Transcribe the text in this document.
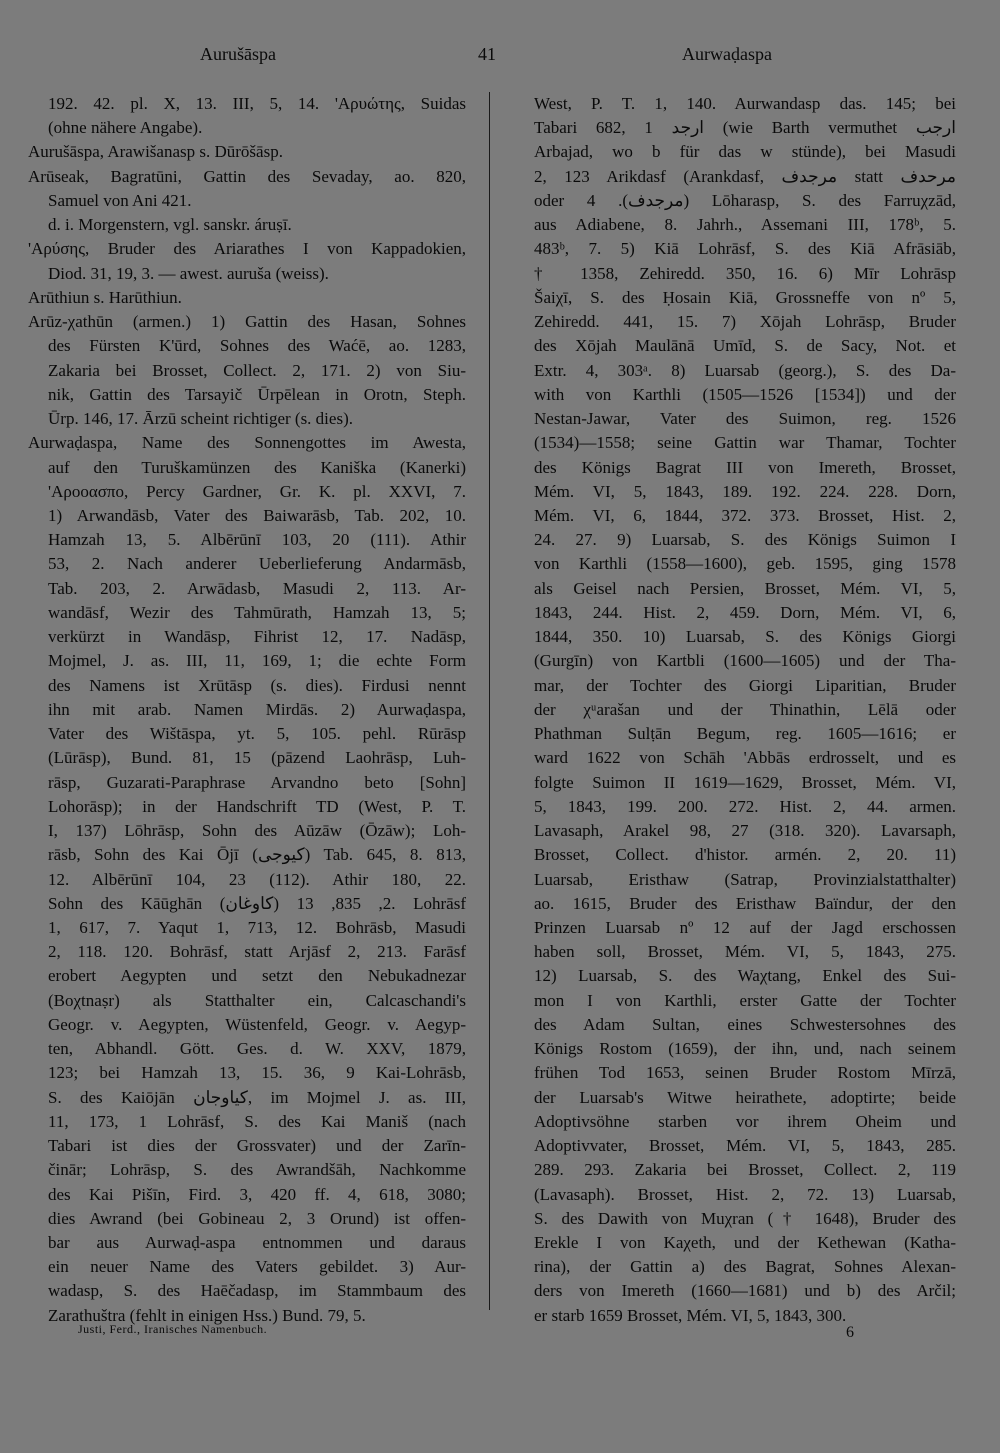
Aurušāspa	41	Aurwaḍaspa
192. 42. pl. X, 13. III, 5, 14. 'Αρυώτης, Suidas
(ohne nähere Angabe).
Aurušāspa, Arawišanasp s. Dūrōšāsp.
Arūseak, Bagratūni, Gattin des Sevaday, ao. 820,
Samuel von Ani 421.
d. i. Morgenstern, vgl. sanskr. áruṣī.
'Αρύσης, Bruder des Ariarathes I von Kappadokien,
Diod. 31, 19, 3. — awest. auruša (weiss).
Arūthiun s. Harūthiun.
Arūz-χathūn (armen.) 1) Gattin des Hasan, Sohnes
des Fürsten K'ūrd, Sohnes des Waćē, ao. 1283,
Zakaria bei Brosset, Collect. 2, 171. 2) von Siu-
nik, Gattin des Tarsayič Ūrpēlean in Orotn, Steph.
Ūrp. 146, 17. Ārzū scheint richtiger (s. dies).
Aurwaḍaspa, Name des Sonnengottes im Awesta,
auf den Turuškamünzen des Kaniška (Kanerki)
'Αροοασπο, Percy Gardner, Gr. K. pl. XXVI, 7.
1) Arwandāsb, Vater des Baiwarāsb, Tab. 202, 10.
Hamzah 13, 5. Albērūnī 103, 20 (111). Athir
53, 2. Nach anderer Ueberlieferung Andarmāsb,
Tab. 203, 2. Arwādasb, Masudi 2, 113. Ar-
wandāsf, Wezir des Tahmūrath, Hamzah 13, 5;
verkürzt in Wandāsp, Fihrist 12, 17. Nadāsp,
Mojmel, J. as. III, 11, 169, 1; die echte Form
des Namens ist Xrūtāsp (s. dies). Firdusi nennt
ihn mit arab. Namen Mirdās. 2) Aurwaḍaspa,
Vater des Wištāspa, yt. 5, 105. pehl. Rūrāsp
(Lūrāsp), Bund. 81, 15 (pāzend Laohrāsp, Luh-
rāsp, Guzarati-Paraphrase Arvandno beto [Sohn]
Lohorāsp); in der Handschrift TD (West, P. T.
I, 137) Lōhrāsp, Sohn des Aūzāw (Ōzāw); Loh-
rāsb, Sohn des Kai Ōjī (کیوجی) Tab. 645, 8. 813,
12. Albērūnī 104, 23 (112). Athir 180, 22.
Sohn des Kāūghān (کاوغان) 2, 835, 13. Lohrāsf
1, 617, 7. Yaqut 1, 713, 12. Bohrāsb, Masudi
2, 118. 120. Bohrāsf, statt Arjāsf 2, 213. Farāsf
erobert Aegypten und setzt den Nebukadnezar
(Boχtnaṣr) als Statthalter ein, Calcaschandi's
Geogr. v. Aegypten, Wüstenfeld, Geogr. v. Aegyp-
ten, Abhandl. Gött. Ges. d. W. XXV, 1879,
123; bei Hamzah 13, 15. 36, 9 Kai-Lohrāsb,
S. des Kaiōjān کیاوجان, im Mojmel J. as. III,
11, 173, 1 Lohrāsf, S. des Kai Maniš (nach
Tabari ist dies der Grossvater) und der Zarīn-
činār; Lohrāsp, S. des Awrandšāh, Nachkomme
des Kai Pišīn, Fird. 3, 420 ff. 4, 618, 3080;
dies Awrand (bei Gobineau 2, 3 Orund) ist offen-
bar aus Aurwaḍ-aspa entnommen und daraus
ein neuer Name des Vaters gebildet. 3) Aur-
wadasp, S. des Haēčadasp, im Stammbaum des
Zarathuštra (fehlt in einigen Hss.) Bund. 79, 5.
West, P. T. 1, 140. Aurwandasp das. 145; bei
Tabari 682, 1 ارجد (wie Barth vermuthet ارجب
Arbajad, wo b für das w stünde), bei Masudi
2, 123 Arikdasf (Arankdasf, مرجدف statt مرحدف
oder مرجدف). 4) Lōharasp, S. des Farruχzād,
aus Adiabene, 8. Jahrh., Assemani III, 178ᵇ, 5.
483ᵇ, 7. 5) Kiā Lohrāsf, S. des Kiā Afrāsiāb,
† 1358, Zehiredd. 350, 16. 6) Mīr Lohrāsp
Šaiχī, S. des Ḥosain Kiā, Grossneffe von nº 5,
Zehiredd. 441, 15. 7) Xōjah Lohrāsp, Bruder
des Xōjah Maulānā Umīd, S. de Sacy, Not. et
Extr. 4, 303ᵃ. 8) Luarsab (georg.), S. des Da-
with von Karthli (1505—1526 [1534]) und der
Nestan-Jawar, Vater des Suimon, reg. 1526
(1534)—1558; seine Gattin war Thamar, Tochter
des Königs Bagrat III von Imereth, Brosset,
Mém. VI, 5, 1843, 189. 192. 224. 228. Dorn,
Mém. VI, 6, 1844, 372. 373. Brosset, Hist. 2,
24. 27. 9) Luarsab, S. des Königs Suimon I
von Karthli (1558—1600), geb. 1595, ging 1578
als Geisel nach Persien, Brosset, Mém. VI, 5,
1843, 244. Hist. 2, 459. Dorn, Mém. VI, 6,
1844, 350. 10) Luarsab, S. des Königs Giorgi
(Gurgīn) von Kartbli (1600—1605) und der Tha-
mar, der Tochter des Giorgi Liparitian, Bruder
der χᵘarašan und der Thinathin, Lēlā oder
Phathman Sulṭān Begum, reg. 1605—1616; er
ward 1622 von Schāh 'Abbās erdrosselt, und es
folgte Suimon II 1619—1629, Brosset, Mém. VI,
5, 1843, 199. 200. 272. Hist. 2, 44. armen.
Lavasaph, Arakel 98, 27 (318. 320). Lavarsaph,
Brosset, Collect. d'histor. armén. 2, 20. 11)
Luarsab, Eristhaw (Satrap, Provinzialstatthalter)
ao. 1615, Bruder des Eristhaw Baïndur, der den
Prinzen Luarsab nº 12 auf der Jagd erschossen
haben soll, Brosset, Mém. VI, 5, 1843, 275.
12) Luarsab, S. des Waχtang, Enkel des Sui-
mon I von Karthli, erster Gatte der Tochter
des Adam Sultan, eines Schwestersohnes des
Königs Rostom (1659), der ihn, und, nach seinem
frühen Tod 1653, seinen Bruder Rostom Mīrzā,
der Luarsab's Witwe heirathete, adoptirte; beide
Adoptivsöhne starben vor ihrem Oheim und
Adoptivvater, Brosset, Mém. VI, 5, 1843, 285.
289. 293. Zakaria bei Brosset, Collect. 2, 119
(Lavasaph). Brosset, Hist. 2, 72. 13) Luarsab,
S. des Dawith von Muχran († 1648), Bruder des
Erekle I von Kaχeth, und der Kethewan (Katha-
rina), der Gattin a) des Bagrat, Sohnes Alexan-
ders von Imereth (1660—1681) und b) des Arčil;
er starb 1659 Brosset, Mém. VI, 5, 1843, 300.
Justi, Ferd., Iranisches Namenbuch.	6
